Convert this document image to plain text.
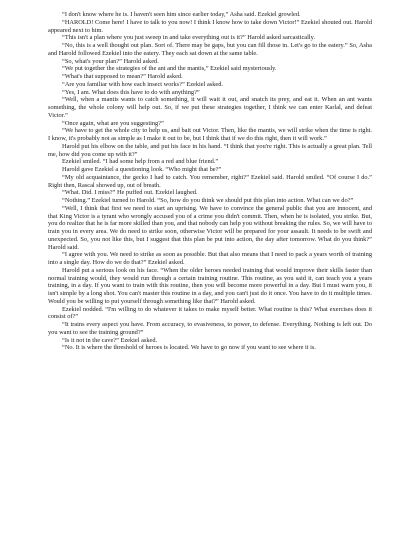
“I don't know where he is. I haven't seen him since earlier today,” Asha said. Ezekiel growled.

“HAROLD! Come here! I have to talk to you now! I think I know how to take down Victor!” Ezekiel shouted out. Harold appeared next to him.

“This isn't a plan where you just sweep in and take everything out is it?” Harold asked sarcastically.

“No, this is a well thought out plan. Sort of. There may be gaps, but you can fill those in. Let's go to the eatery.” So, Asha and Harold followed Ezekiel into the eatery. They each sat down at the same table.

“So, what's your plan?” Harold asked.

“We put together the strategies of the ant and the mantis,” Ezekiel said mysteriously.

“What's that supposed to mean?” Harold asked.

“Are you familiar with how each insect works?” Ezekiel asked.

“Yes, I am. What does this have to do with anything?”

“Well, when a mantis wants to catch something, it will wait it out, and snatch its prey, and eat it. When an ant wants something, the whole colony will help out. So, if we put these strategies together, I think we can enter Karlal, and defeat Victor.”

“Once again, what are you suggesting?”

“We have to get the whole city to help us, and bait out Victor. Then, like the mantis, we will strike when the time is right. I know, it's probably not as simple as I make it out to be, but I think that if we do this right, then it will work.”

Harold put his elbow on the table, and put his face in his hand. “I think that you're right. This is actually a great plan. Tell me, how did you come up with it?”

Ezekiel smiled. “I had some help from a red and blue friend.”

Harold gave Ezekiel a questioning look. “Who might that be?”

“My old acquaintance, the gecko I had to catch. You remember, right?” Ezekiel said. Harold smiled. “Of course I do.” Right then, Rascal showed up, out of breath.

“What. Did. I miss?” He puffed out. Ezekiel laughed.

“Nothing.” Ezekiel turned to Harold. “So, how do you think we should put this plan into action. What can we do?”

“Well, I think that first we need to start an uprising. We have to convince the general public that you are innocent, and that King Victor is a tyrant who wrongly accused you of a crime you didn't commit. Then, when he is isolated, you strike. But, you do realize that he is far more skilled than you, and that nobody can help you without breaking the rules. So, we will have to train you in every area. We do need to strike soon, otherwise Victor will be prepared for your assault. It needs to be swift and unexpected. So, you not like this, but I suggest that this plan be put into action, the day after tomorrow. What do you think?” Harold said.

“I agree with you. We need to strike as soon as possible. But that also means that I need to pack a years worth of training into a single day. How do we do that?” Ezekiel asked.

Harold put a serious look on his face. “When the older heroes needed training that would improve their skills faster than normal training would, they would run through a certain training routine. This routine, as you said it, can teach you a years training, in a day. If you want to train with this routine, then you will become more powerful in a day. But I must warn you, it isn't simple by a long shot. You can't master this routine in a day, and you can't just do it once. You have to do it multiple times. Would you be willing to put yourself through something like that?” Harold asked.

Ezekiel nodded. “I'm willing to do whatever it takes to make myself better. What routine is this? What exercises does it consist of?”

“It trains every aspect you have. From accuracy, to evasiveness, to power, to defense. Everything. Nothing is left out. Do you want to see the training ground?”

“Is it not in the cave?” Ezekiel asked.

“No. It is where the threshold of heroes is located. We have to go now if you want to see where it is.
